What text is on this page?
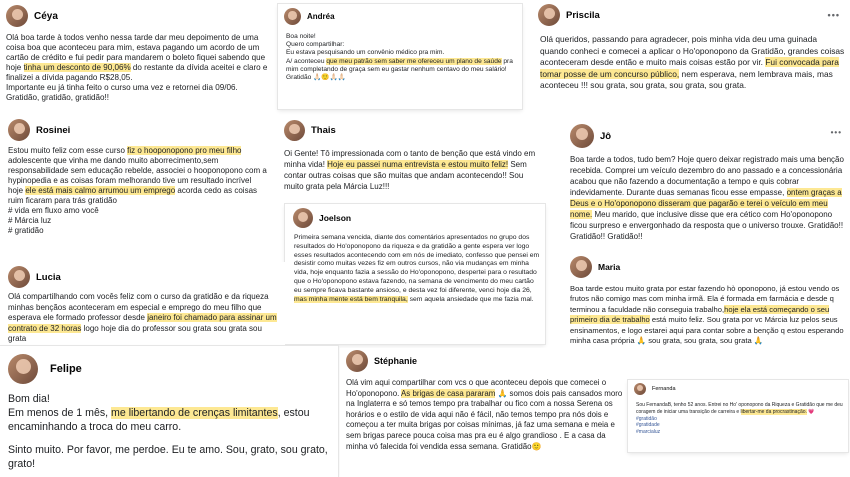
Céya
Olá boa tarde à todos venho nessa tarde dar meu depoimento de uma coisa boa que aconteceu para mim, estava pagando um acordo de um cartão de crédito e fui pedir para mandarem o boleto fiquei sabendo que hoje tinha um desconto de 90,06% do restante da dívida aceitei e claro e finalizei a dívida pagando R$28,05.
Importante eu já tinha feito o curso uma vez e retornei dia 09/06. Gratidão, gratidão, gratidão!!
Andréa
Boa noite!
Quero compartilhar:
Eu estava pesquisando um convênio médico pra mim.
A/ aconteceu que meu patrão sem saber me ofereceu um plano de saúde pra mim completando de graça sem eu gastar nenhum centavo do meu salário!
Gratidão 🙏🏻🙂🙏🏻🙏🏻
Priscila	•••
Olá queridos, passando para agradecer, pois minha vida deu uma guinada quando conheci e comecei a aplicar o Ho'oponopono da Gratidão, grandes coisas aconteceram desde então e muito mais coisas estão por vir. Fui convocada para tomar posse de um concurso público, nem esperava, nem lembrava mais, mas aconteceu !!! sou grata, sou grata, sou grata, sou grata.
Rosinei
Estou muito feliz com esse curso fiz o hooponopono pro meu filho adolescente que vinha me dando muito aborrecimento,sem responsabilidade sem educação rebelde, associei o hooponopono com a hypinopedia e as coisas foram melhorando tive um resultado incrível hoje ele está mais calmo arrumou um emprego acorda cedo as coisas ruim ficaram para trás gratidão
# vida em fluxo amo você
# Márcia luz
# gratidão
Thais
Oi Gente! Tô impressionada com o tanto de benção que está vindo em minha vida! Hoje eu passei numa entrevista e estou muito feliz! Sem contar outras coisas que são muitas que andam acontecendo!! Sou muito grata pela Márcia Luz!!!
Jô	•••
Boa tarde a todos, tudo bem? Hoje quero deixar registrado mais uma benção recebida. Comprei um veículo dezembro do ano passado e a concessionária acabou que não fazendo a documentação a tempo e quis cobrar indevidamente. Durante duas semanas ficou esse empasse, ontem graças a Deus e o Ho'oponopono disseram que pagarão e terei o veículo em meu nome. Meu marido, que inclusive disse que era cético com Ho'oponopono ficou surpreso e envergonhado da resposta que o universo trouxe. Gratidão!! Gratidão!! Gratidão!!
Joelson
Primeira semana vencida, diante dos comentários apresentados no grupo dos resultados do Ho'oponopono da riqueza e da gratidão a gente espera ver logo esses resultados acontecendo com em nós de imediato, confesso que pensei em desistir como muitas vezes fiz em outros cursos, não via mudanças em minha vida, hoje enquanto fazia a sessão do Ho'oponopono, despertei para o resultado que o Ho'oponopono estava fazendo, na semana de vencimento do meu cartão eu sempre ficava bastante ansioso, e desta vez foi diferente, venci hoje dia 26, mas minha mente está bem tranquila, sem aquela ansiedade que me fazia mal.
Lucia
Olá compartilhando com vocês feliz com o curso da gratidão e da riqueza minhas bençãos aconteceram em especial e emprego do meu filho que esperava ele formado professor desde janeiro foi chamado para assinar um contrato de 32 horas logo hoje dia do professor sou grata sou grata sou grata
Maria
Boa tarde estou muito grata por estar fazendo hò oponopono, já estou vendo os frutos não comigo mas com minha irmã. Ela é formada em farmácia e desde q terminou a faculdade não conseguia trabalho,hoje ela está começando o seu primeiro dia de trabalho está muito feliz. Sou grata por vc Márcia luz pelos seus ensinamentos, e logo estarei aqui para contar sobre a benção q estou esperando minha casa própria 🙏 sou grata, sou grata, sou grata 🙏
Felipe
Bom dia!
Em menos de 1 mês, me libertando de crenças limitantes, estou encaminhando a troca do meu carro.
Sinto muito. Por favor, me perdoe. Eu te amo. Sou, grato, sou grato, grato!
Stéphanie
Olá vim aqui compartilhar com vcs o que aconteceu depois que comecei o Ho'oponopono. As brigas de casa pararam 🙏 somos dois pais cansados moro na Inglaterra e só temos tempo pra trabalhar ou fico com a nossa Serena os horários e o estilo de vida aqui não é fácil, não temos tempo pra nós dois e começou a ter muita brigas por coisas mínimas, já faz uma semana e meia e sem brigas parece pouca coisa mas pra eu é algo grandioso . E a casa da minha vó falecida foi vendida essa semana. Gratidão🙂
Fernanda
Sou FernandaB, tenho 52 anos. Entrei no Ho' oponopono da Riqueza e Gratidão que me deu coragem de iniciar uma transição de carreira e libertar-me da procrastinação. 💗
#gratidão
#gratidade
#marcialuz
